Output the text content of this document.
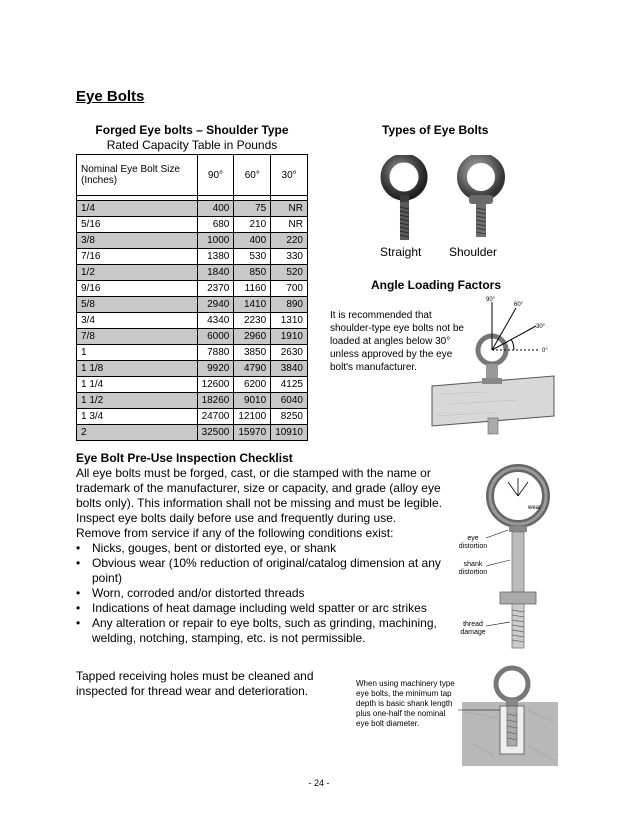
Eye Bolts
Forged Eye bolts – Shoulder Type
Rated Capacity Table in Pounds
Nominal Eye Bolt Size (Inches)	90°	60°	30°

1/4	400	75	NR
5/16	680	210	NR
3/8	1000	400	220
7/16	1380	530	330
1/2	1840	850	520
9/16	2370	1160	700
5/8	2940	1410	890
3/4	4340	2230	1310
7/8	6000	2960	1910
1	7880	3850	2630
1 1/8	9920	4790	3840
1 1/4	12600	6200	4125
1 1/2	18260	9010	6040
1 3/4	24700	12100	8250
2	32500	15970	10910
Types of Eye Bolts
Straight Shoulder
Angle Loading Factors
It is recommended that shoulder-type eye bolts not be loaded at angles below 30° unless approved by the eye bolt's manufacturer.
90°
60°
30°
0°
Eye Bolt Pre-Use Inspection Checklist

All eye bolts must be forged, cast, or die stamped with the name or trademark of the manufacturer, size or capacity, and grade (alloy eye bolts only). This information shall not be missing and must be legible.

Inspect eye bolts daily before use and frequently during use.

Remove from service if any of the following conditions exist:

• Nicks, gouges, bent or distorted eye, or shank
• Obvious wear (10% reduction of original/catalog dimension at any point)
• Worn, corroded and/or distorted threads
• Indications of heat damage including weld spatter or arc strikes
• Any alteration or repair to eye bolts, such as grinding, machining, welding, notching, stamping, etc. is not permissible.
wear
eye distortion
shank distortion
thread damage
Tapped receiving holes must be cleaned and inspected for thread wear and deterioration.
When using machinery type eye bolts, the minimum tap depth is basic shank length plus one-half the nominal eye bolt diameter.
- 24 -
